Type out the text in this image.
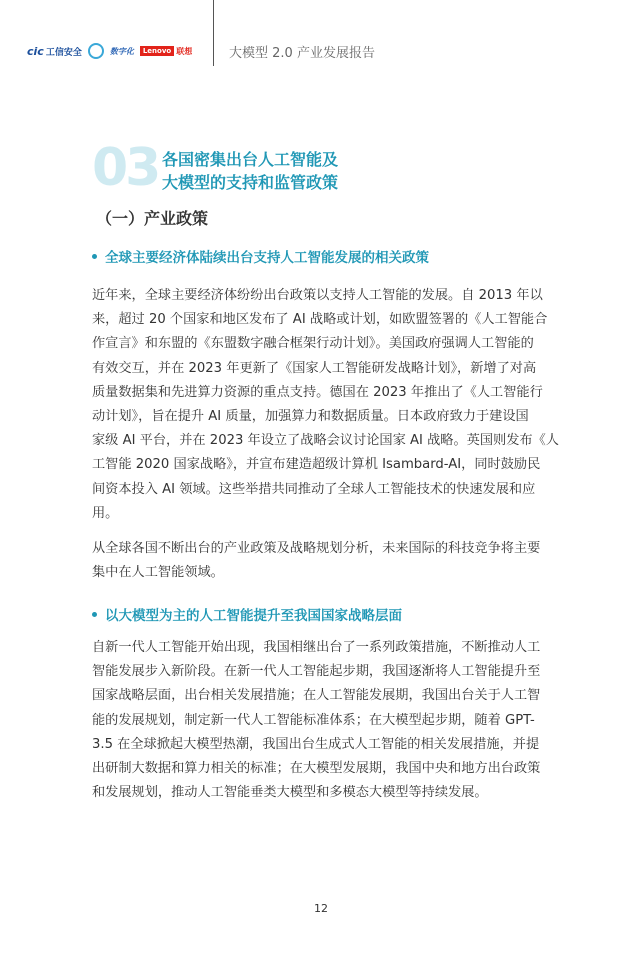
cic 工信安全	数字化	Lenovo 联想	大模型 2.0 产业发展报告
03 各国密集出台人工智能及
大模型的支持和监管政策
（一）产业政策
全球主要经济体陆续出台支持人工智能发展的相关政策
近年来，全球主要经济体纷纷出台政策以支持人工智能的发展。自 2013 年以
来，超过 20 个国家和地区发布了 AI 战略或计划，如欧盟签署的《人工智能合
作宣言》和东盟的《东盟数字融合框架行动计划》。美国政府强调人工智能的
有效交互，并在 2023 年更新了《国家人工智能研发战略计划》，新增了对高
质量数据集和先进算力资源的重点支持。德国在 2023 年推出了《人工智能行
动计划》，旨在提升 AI 质量，加强算力和数据质量。日本政府致力于建设国
家级 AI 平台，并在 2023 年设立了战略会议讨论国家 AI 战略。英国则发布《人
工智能 2020 国家战略》，并宣布建造超级计算机 Isambard-AI，同时鼓励民
间资本投入 AI 领域。这些举措共同推动了全球人工智能技术的快速发展和应
用。
从全球各国不断出台的产业政策及战略规划分析，未来国际的科技竞争将主要
集中在人工智能领域。
以大模型为主的人工智能提升至我国国家战略层面
自新一代人工智能开始出现，我国相继出台了一系列政策措施，不断推动人工
智能发展步入新阶段。在新一代人工智能起步期，我国逐渐将人工智能提升至
国家战略层面，出台相关发展措施；在人工智能发展期，我国出台关于人工智
能的发展规划，制定新一代人工智能标准体系；在大模型起步期，随着 GPT-
3.5 在全球掀起大模型热潮，我国出台生成式人工智能的相关发展措施，并提
出研制大数据和算力相关的标准；在大模型发展期，我国中央和地方出台政策
和发展规划，推动人工智能垂类大模型和多模态大模型等持续发展。
12
